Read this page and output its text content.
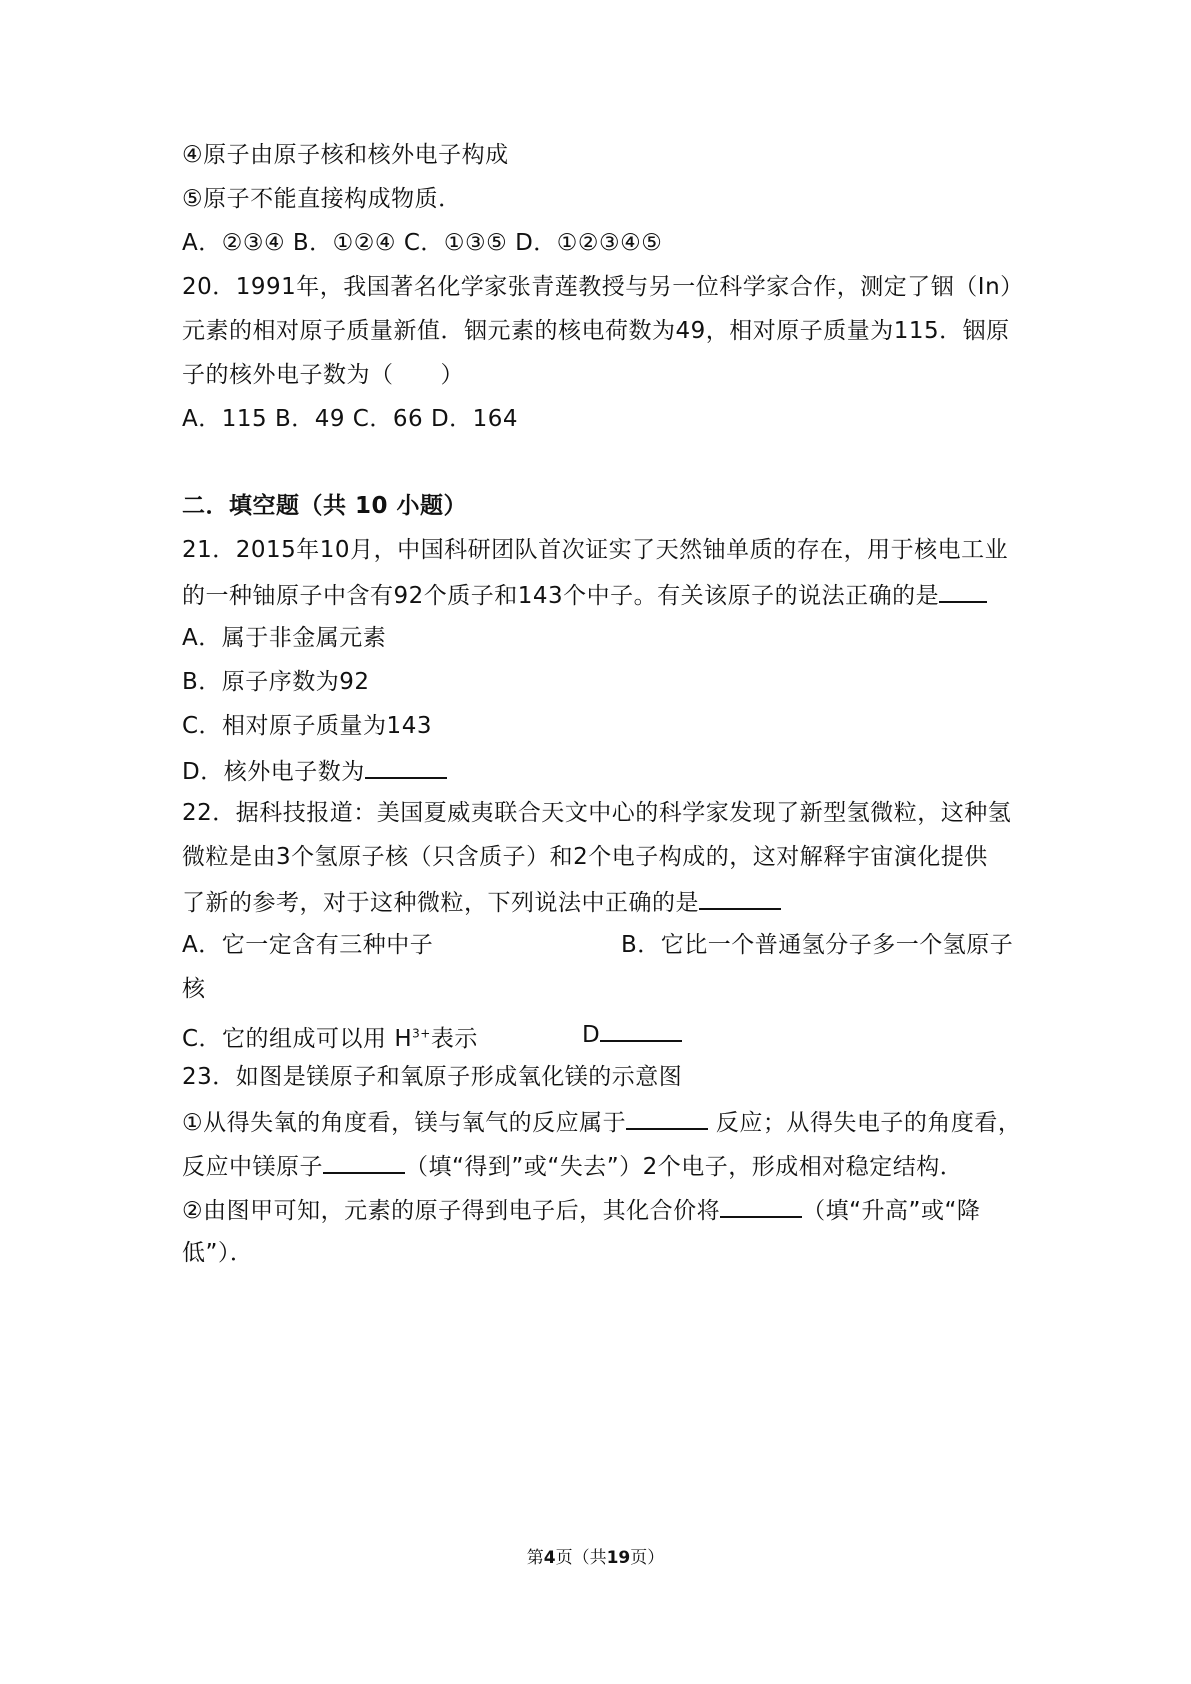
④原子由原子核和核外电子构成
⑤原子不能直接构成物质．
A．②③④ B．①②④ C．①③⑤ D．①②③④⑤
20．1991年，我国著名化学家张青莲教授与另一位科学家合作，测定了铟（In）
元素的相对原子质量新值．铟元素的核电荷数为49，相对原子质量为115．铟原
子的核外电子数为（　　）
A．115 B．49 C．66 D．164
二．填空题（共 10 小题）
21．2015年10月，中国科研团队首次证实了天然铀单质的存在，用于核电工业
的一种铀原子中含有92个质子和143个中子。有关该原子的说法正确的是
A．属于非金属元素
B．原子序数为92
C．相对原子质量为143
D．核外电子数为
22．据科技报道：美国夏威夷联合天文中心的科学家发现了新型氢微粒，这种氢
微粒是由3个氢原子核（只含质子）和2个电子构成的，这对解释宇宙演化提供
了新的参考，对于这种微粒，下列说法中正确的是
A．它一定含有三种中子	B．它比一个普通氢分子多一个氢原子
核
C．它的组成可以用 $H^{3+}$表示	D
23．如图是镁原子和氧原子形成氧化镁的示意图
①从得失氧的角度看，镁与氧气的反应属于	反应；从得失电子的角度看，
反应中镁原子	（填“得到”或“失去”）2个电子，形成相对稳定结构．
②由图甲可知，元素的原子得到电子后，其化合价将	（填“升高”或“降
低”）．
第4页（共19页）
